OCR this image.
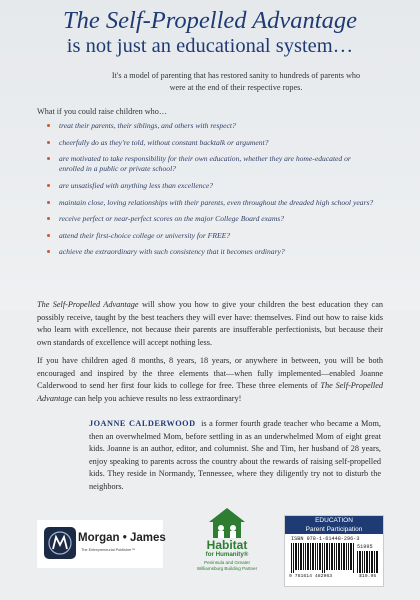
The Self-Propelled Advantage
is not just an educational system…
It's a model of parenting that has restored sanity to hundreds of parents who were at the end of their respective ropes.
What if you could raise children who…
treat their parents, their siblings, and others with respect?
cheerfully do as they're told, without constant backtalk or argument?
are motivated to take responsibility for their own education, whether they are home-educated or enrolled in a public or private school?
are unsatisfied with anything less than excellence?
maintain close, loving relationships with their parents, even throughout the dreaded high school years?
receive perfect or near-perfect scores on the major College Board exams?
attend their first-choice college or university for FREE?
achieve the extraordinary with such consistency that it becomes ordinary?
The Self-Propelled Advantage will show you how to give your children the best education they can possibly receive, taught by the best teachers they will ever have: themselves. Find out how to raise kids who learn with excellence, not because their parents are insufferable perfectionists, but because their own standards of excellence will accept nothing less.
If you have children aged 8 months, 8 years, 18 years, or anywhere in between, you will be both encouraged and inspired by the three elements that—when fully implemented—enabled Joanne Calderwood to send her first four kids to college for free. These three elements of The Self-Propelled Advantage can help you achieve results no less extraordinary!
JOANNE CALDERWOOD is a former fourth grade teacher who became a Mom, then an overwhelmed Mom, before settling in as an underwhelmed Mom of eight great kids. Joanne is an author, editor, and columnist. She and Tim, her husband of 28 years, enjoy speaking to parents across the country about the rewards of raising self-propelled kids. They reside in Normandy, Tennessee, where they diligently try not to disturb the neighbors.
Morgan • James
The Entrepreneurial Publisher™	Habitat
for Humanity®
Peninsula and Greater Williamsburg Building Partner
EDUCATION
Parent Participation
ISBN 978-1-61448-296-3
51995
9 781614 482963	$19.95
